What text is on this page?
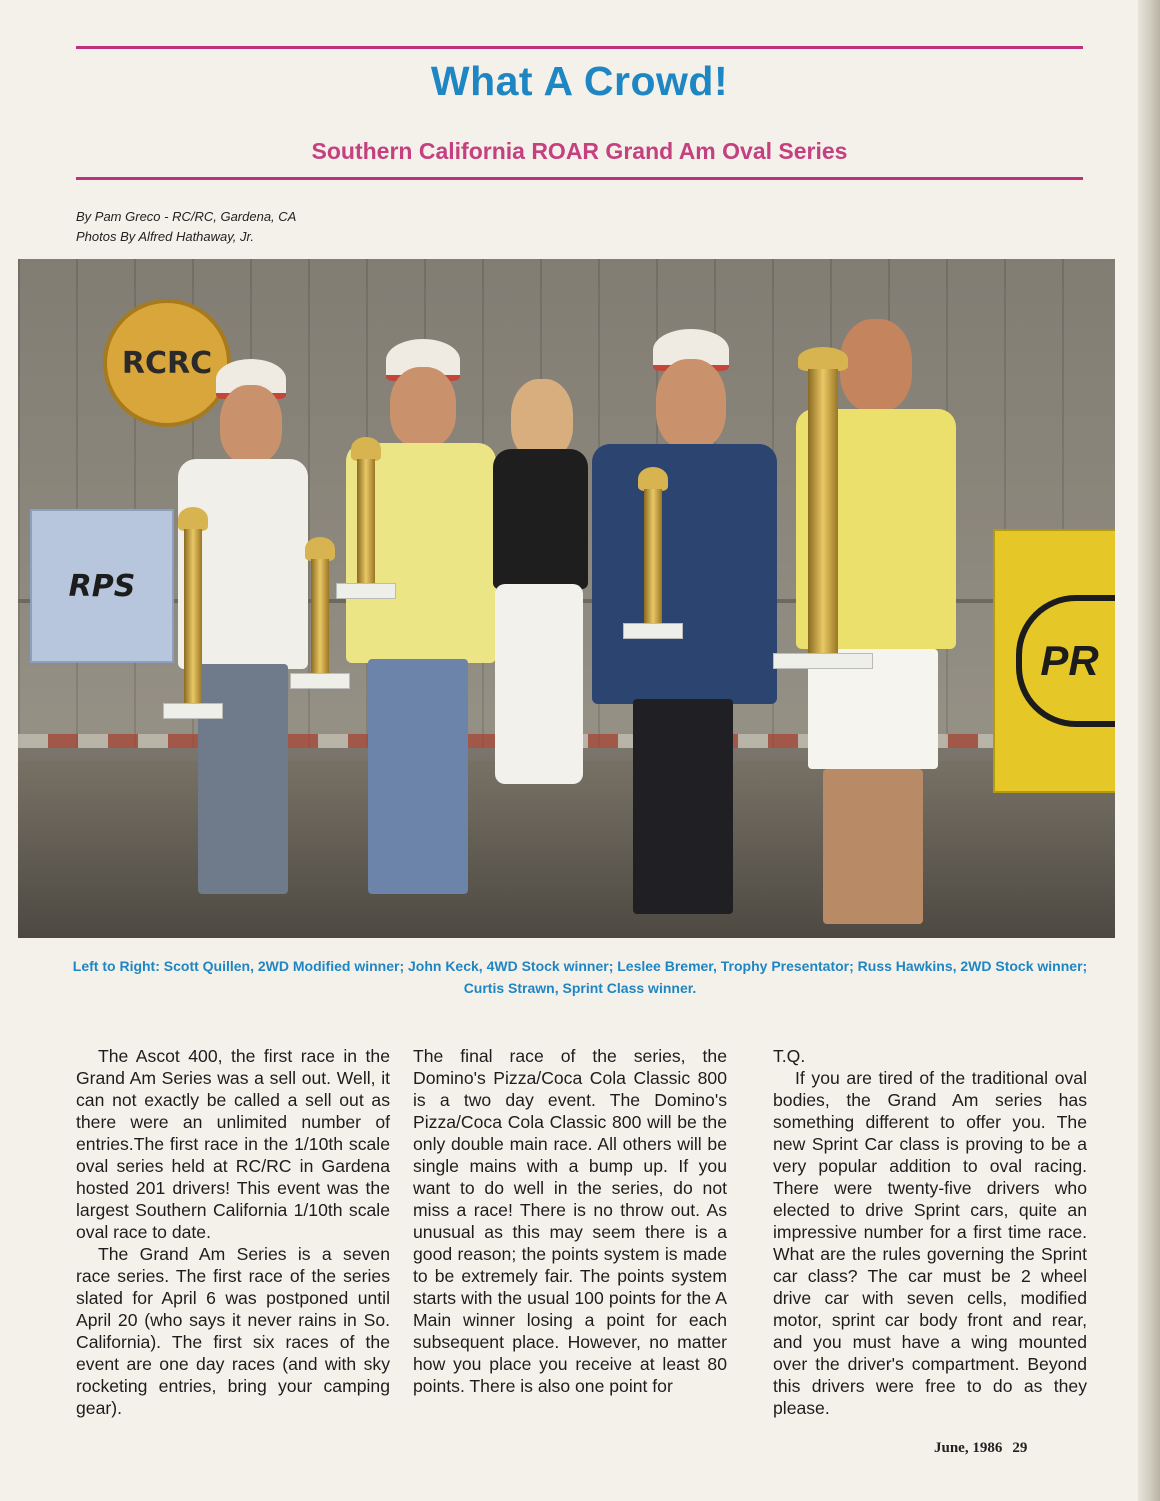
What A Crowd!
Southern California ROAR Grand Am Oval Series
By Pam Greco - RC/RC, Gardena, CA
Photos By Alfred Hathaway, Jr.
RCRC
RPS
PR

Left to Right: Scott Quillen, 2WD Modified winner; John Keck, 4WD Stock winner; Leslee Bremer, Trophy Presentator; Russ Hawkins, 2WD Stock winner; Curtis Strawn, Sprint Class winner.

The Ascot 400, the first race in the Grand Am Series was a sell out. Well, it can not exactly be called a sell out as there were an unlimited number of entries.The first race in the 1/10th scale oval series held at RC/RC in Gardena hosted 201 drivers! This event was the largest Southern California 1/10th scale oval race to date.

The Grand Am Series is a seven race series. The first race of the series slated for April 6 was postponed until April 20 (who says it never rains in So. California). The first six races of the event are one day races (and with sky rocketing entries, bring your camping gear).

The final race of the series, the Domino's Pizza/Coca Cola Classic 800 is a two day event. The Domino's Pizza/Coca Cola Classic 800 will be the only double main race. All others will be single mains with a bump up. If you want to do well in the series, do not miss a race! There is no throw out. As unusual as this may seem there is a good reason; the points system is made to be extremely fair. The points system starts with the usual 100 points for the A Main winner losing a point for each subsequent place. However, no matter how you place you receive at least 80 points. There is also one point for

T.Q.

If you are tired of the traditional oval bodies, the Grand Am series has something different to offer you. The new Sprint Car class is proving to be a very popular addition to oval racing. There were twenty-five drivers who elected to drive Sprint cars, quite an impressive number for a first time race. What are the rules governing the Sprint car class? The car must be 2 wheel drive car with seven cells, modified motor, sprint car body front and rear, and you must have a wing mounted over the driver's compartment. Beyond this drivers were free to do as they please.

June, 1986 29
